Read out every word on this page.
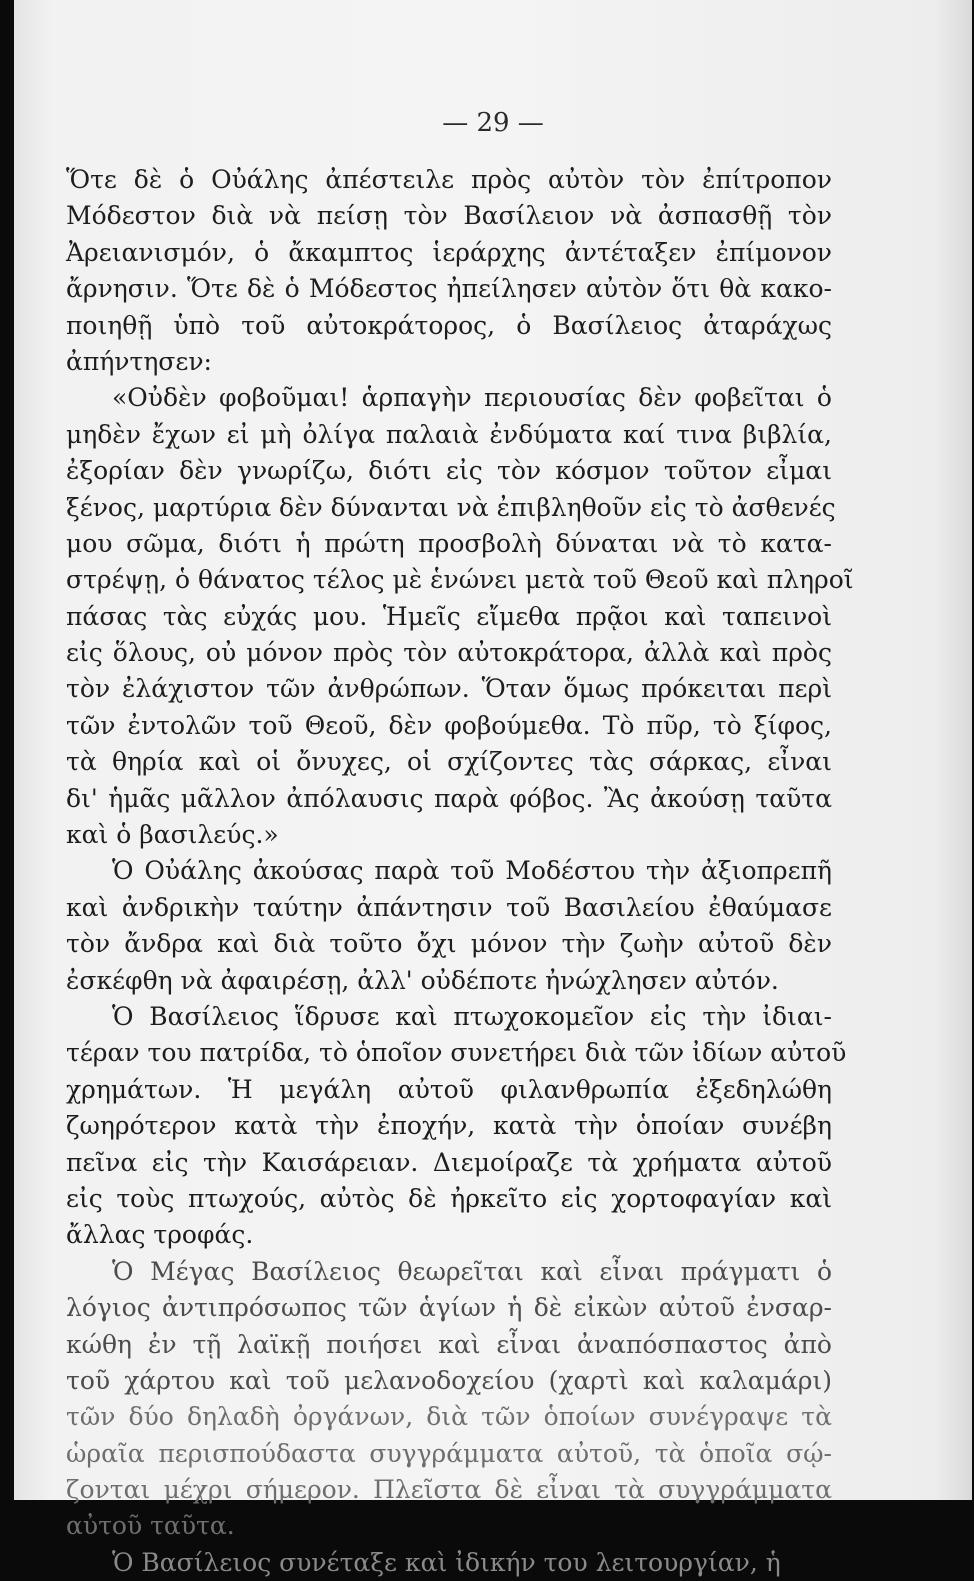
— 29 —
Ὅτε δὲ ὁ Οὐάλης ἀπέστειλε πρὸς αὐτὸν τὸν ἐπίτροπον
Μόδεστον διὰ νὰ πείσῃ τὸν Βασίλειον νὰ ἀσπασθῇ τὸν
Ἀρειανισμόν, ὁ ἄκαμπτος ἱεράρχης ἀντέταξεν ἐπίμονον
ἄρνησιν. Ὅτε δὲ ὁ Μόδεστος ἠπείλησεν αὐτὸν ὅτι θὰ κακο-
ποιηθῇ ὑπὸ τοῦ αὐτοκράτορος, ὁ Βασίλειος ἀταράχως
ἀπήντησεν:
«Οὐδὲν φοβοῦμαι! ἁρπαγὴν περιουσίας δὲν φοβεῖται ὁ
μηδὲν ἔχων εἰ μὴ ὀλίγα παλαιὰ ἐνδύματα καί τινα βιβλία,
ἐξορίαν δὲν γνωρίζω, διότι εἰς τὸν κόσμον τοῦτον εἶμαι
ξένος, μαρτύρια δὲν δύνανται νὰ ἐπιβληθοῦν εἰς τὸ ἀσθενές
μου σῶμα, διότι ἡ πρώτη προσβολὴ δύναται νὰ τὸ κατα-
στρέψῃ, ὁ θάνατος τέλος μὲ ἑνώνει μετὰ τοῦ Θεοῦ καὶ πληροῖ
πάσας τὰς εὐχάς μου. Ἡμεῖς εἴμεθα πρᾷοι καὶ ταπεινοὶ
εἰς ὅλους, οὐ μόνον πρὸς τὸν αὐτοκράτορα, ἀλλὰ καὶ πρὸς
τὸν ἐλάχιστον τῶν ἀνθρώπων. Ὅταν ὅμως πρόκειται περὶ
τῶν ἐντολῶν τοῦ Θεοῦ, δὲν φοβούμεθα. Τὸ πῦρ, τὸ ξίφος,
τὰ θηρία καὶ οἱ ὄνυχες, οἱ σχίζοντες τὰς σάρκας, εἶναι
δι' ἡμᾶς μᾶλλον ἀπόλαυσις παρὰ φόβος. Ἂς ἀκούσῃ ταῦτα
καὶ ὁ βασιλεύς.»
Ὁ Οὐάλης ἀκούσας παρὰ τοῦ Μοδέστου τὴν ἀξιοπρεπῆ
καὶ ἀνδρικὴν ταύτην ἀπάντησιν τοῦ Βασιλείου ἐθαύμασε
τὸν ἄνδρα καὶ διὰ τοῦτο ὄχι μόνον τὴν ζωὴν αὐτοῦ δὲν
ἐσκέφθη νὰ ἀφαιρέσῃ, ἀλλ' οὐδέποτε ἠνώχλησεν αὐτόν.
Ὁ Βασίλειος ἵδρυσε καὶ πτωχοκομεῖον εἰς τὴν ἰδιαι-
τέραν του πατρίδα, τὸ ὁποῖον συνετήρει διὰ τῶν ἰδίων αὐτοῦ
χρημάτων. Ἡ μεγάλη αὐτοῦ φιλανθρωπία ἐξεδηλώθη
ζωηρότερον κατὰ τὴν ἐποχήν, κατὰ τὴν ὁποίαν συνέβη
πεῖνα εἰς τὴν Καισάρειαν. Διεμοίραζε τὰ χρήματα αὐτοῦ
εἰς τοὺς πτωχούς, αὐτὸς δὲ ἠρκεῖτο εἰς χορτοφαγίαν καὶ
ἄλλας τροφάς.
Ὁ Μέγας Βασίλειος θεωρεῖται καὶ εἶναι πράγματι ὁ
λόγιος ἀντιπρόσωπος τῶν ἁγίων ἡ δὲ εἰκὼν αὐτοῦ ἐνσαρ-
κώθη ἐν τῇ λαϊκῇ ποιήσει καὶ εἶναι ἀναπόσπαστος ἀπὸ
τοῦ χάρτου καὶ τοῦ μελανοδοχείου (χαρτὶ καὶ καλαμάρι)
τῶν δύο δηλαδὴ ὀργάνων, διὰ τῶν ὁποίων συνέγραψε τὰ
ὡραῖα περισπούδαστα συγγράμματα αὐτοῦ, τὰ ὁποῖα σῴ-
ζονται μέχρι σήμερον. Πλεῖστα δὲ εἶναι τὰ συγγράμματα
αὐτοῦ ταῦτα.
Ὁ Βασίλειος συνέταξε καὶ ἰδικήν του λειτουργίαν, ἡ
